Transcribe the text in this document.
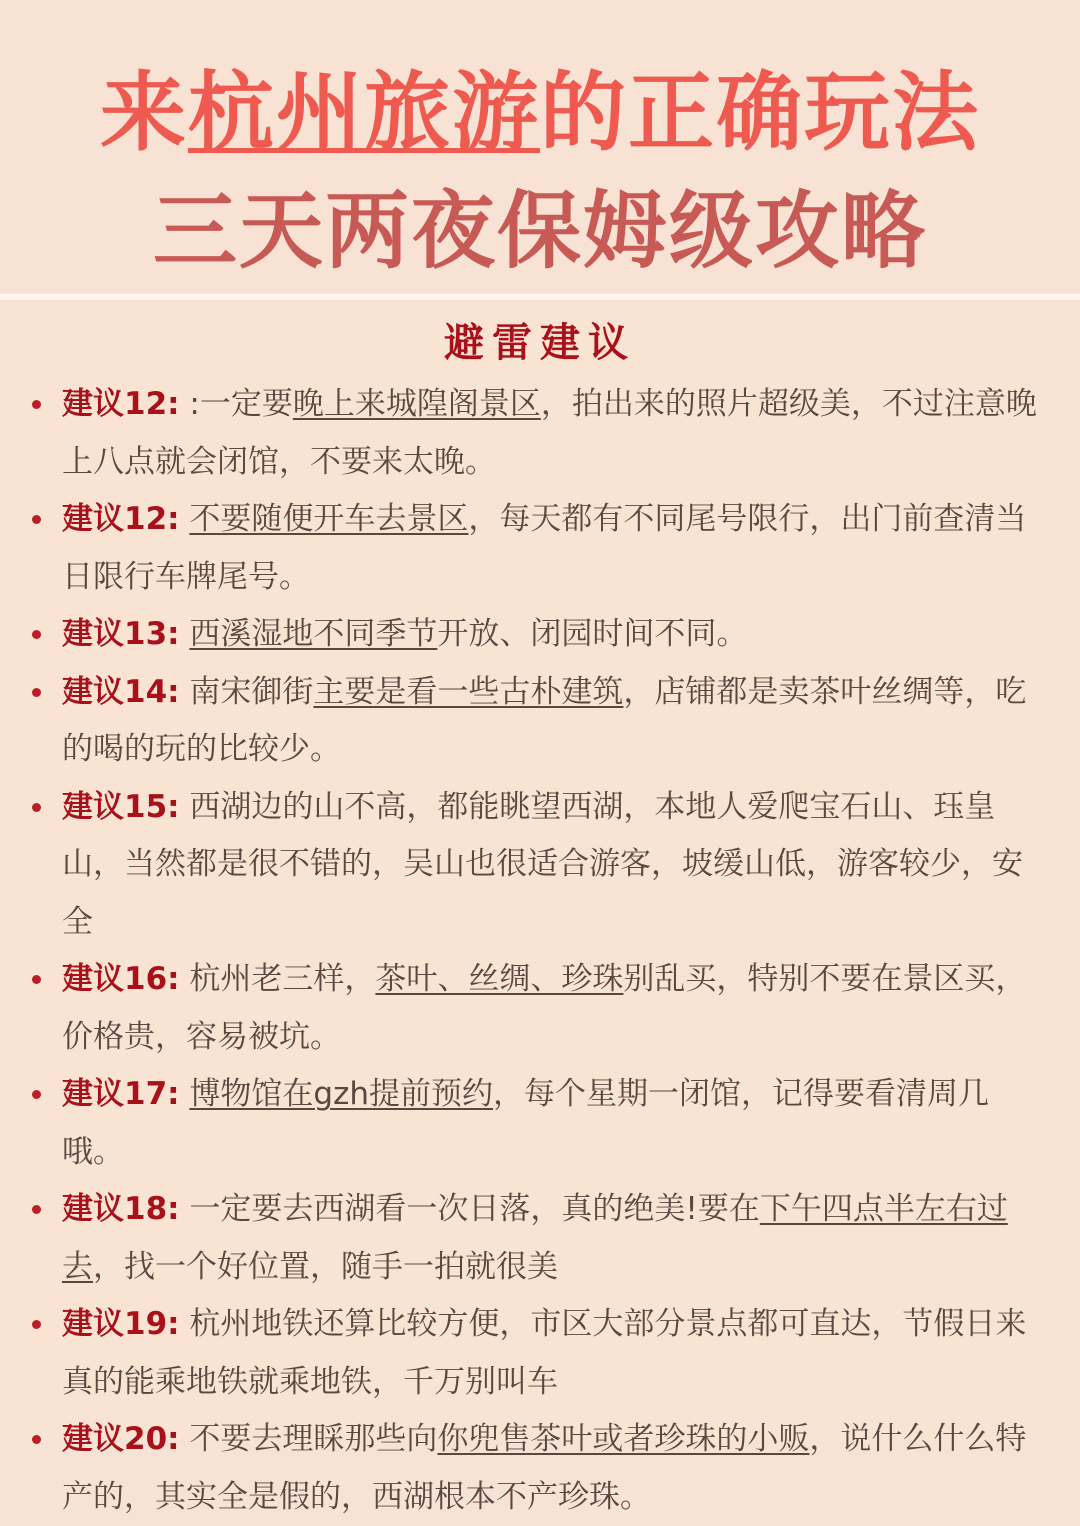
来杭州旅游的正确玩法
三天两夜保姆级攻略
避雷建议
建议12: :一定要晚上来城隍阁景区，拍出来的照片超级美，不过注意晚上八点就会闭馆，不要来太晚。
建议12: 不要随便开车去景区，每天都有不同尾号限行，出门前查清当日限行车牌尾号。
建议13: 西溪湿地不同季节开放、闭园时间不同。
建议14: 南宋御街主要是看一些古朴建筑，店铺都是卖茶叶丝绸等，吃的喝的玩的比较少。
建议15: 西湖边的山不高，都能眺望西湖，本地人爱爬宝石山、珏皇山，当然都是很不错的，吴山也很适合游客，坡缓山低，游客较少，安全
建议16: 杭州老三样，茶叶、丝绸、珍珠别乱买，特别不要在景区买，价格贵，容易被坑。
建议17: 博物馆在gzh提前预约，每个星期一闭馆，记得要看清周几哦。
建议18: 一定要去西湖看一次日落，真的绝美!要在下午四点半左右过去，找一个好位置，随手一拍就很美
建议19: 杭州地铁还算比较方便，市区大部分景点都可直达，节假日来真的能乘地铁就乘地铁，千万别叫车
建议20: 不要去理睬那些向你兜售茶叶或者珍珠的小贩，说什么什么特产的，其实全是假的，西湖根本不产珍珠。
